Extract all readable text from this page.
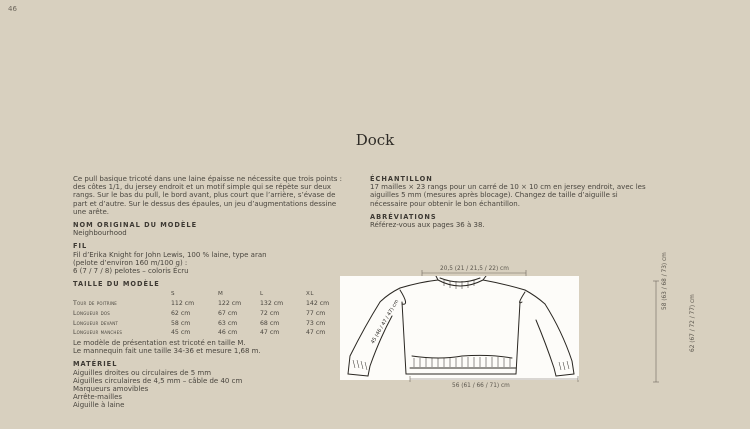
46
Dock

Ce pull basique tricoté dans une laine épaisse ne nécessite que trois points : des côtes 1/1, du jersey endroit et un motif simple qui se répète sur deux rangs. Sur le bas du pull, le bord avant, plus court que l’arrière, s’évase de part et d’autre. Sur le dessus des épaules, un jeu d’augmentations dessine une arête.

NOM ORIGINAL DU MODÈLE

Neighbourhood

FIL

Fil d’Erika Knight for John Lewis, 100 % laine, type aran

(pelote d’environ 160 m/100 g) :

6 (7 / 7 / 8) pelotes – coloris Écru

TAILLE DU MODÈLE

	S	M	L	XL
Tour de poitrine	112 cm	122 cm	132 cm	142 cm
Longueur dos	62 cm	67 cm	72 cm	77 cm
Longueur devant	58 cm	63 cm	68 cm	73 cm
Longueur manches	45 cm	46 cm	47 cm	47 cm

Le modèle de présentation est tricoté en taille M.

Le mannequin fait une taille 34-36 et mesure 1,68 m.

MATÉRIEL

Aiguilles droites ou circulaires de 5 mm

Aiguilles circulaires de 4,5 mm – câble de 40 cm

Marqueurs amovibles

Arrête-mailles

Aiguille à laine

ÉCHANTILLON

17 mailles × 23 rangs pour un carré de 10 × 10 cm en jersey endroit, avec les aiguilles 5 mm (mesures après blocage). Changez de taille d’aiguille si nécessaire pour obtenir le bon échantillon.

ABRÉVIATIONS

Référez-vous aux pages 36 à 38.

20,5 (21 / 21,5 / 22) cm
56 (61 / 66 / 71) cm
58 (63 / 68 / 73) cm
62 (67 / 72 / 77) cm
45 (46 / 47 / 47) cm
